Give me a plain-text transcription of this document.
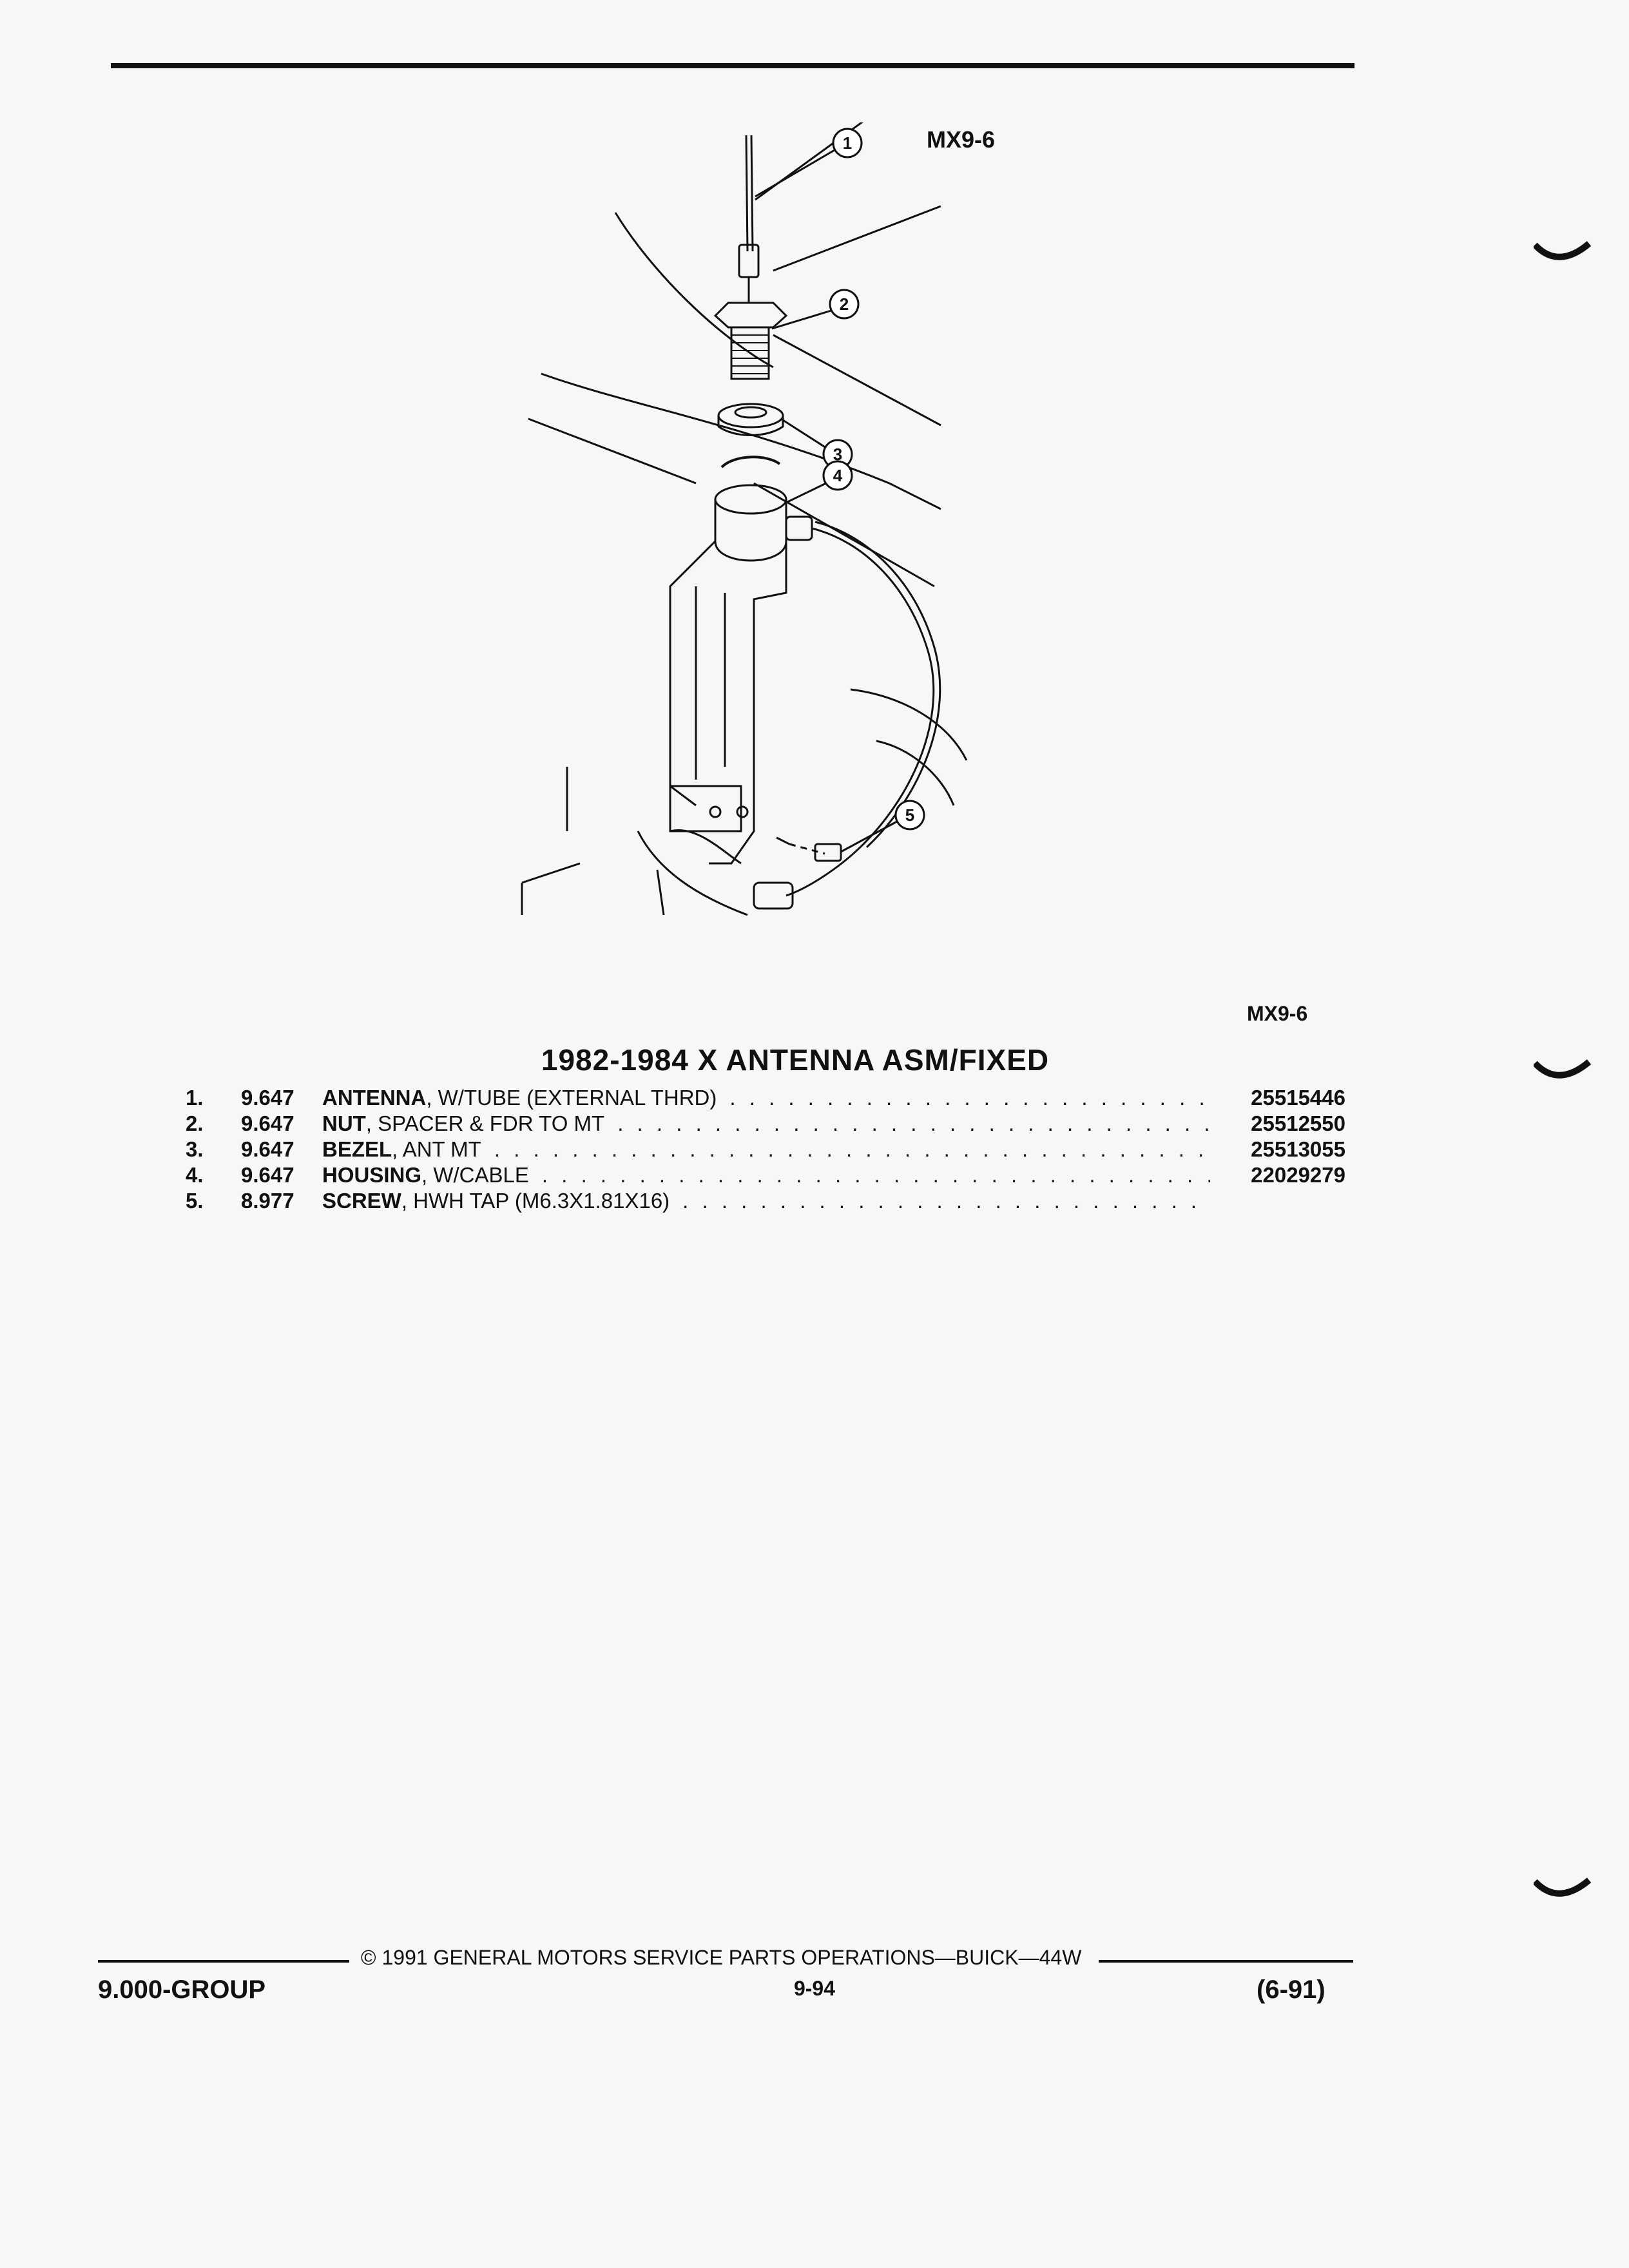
MX9-6
1
2
3
4
5
MX9-6
1982-1984 X ANTENNA ASM/FIXED
1.	9.647	ANTENNA , W/TUBE (EXTERNAL THRD) . . .	25515446
2.	9.647	NUT , SPACER & FDR TO MT . . .	25512550
3.	9.647	BEZEL , ANT MT . . .	25513055
4.	9.647	HOUSING , W/CABLE . . .	22029279
5.	8.977	SCREW , HWH TAP (M6.3X1.81X16)
. . .
9.000-GROUP
© 1991 GENERAL MOTORS SERVICE PARTS OPERATIONS—BUICK—44W
9-94	(6-91)
